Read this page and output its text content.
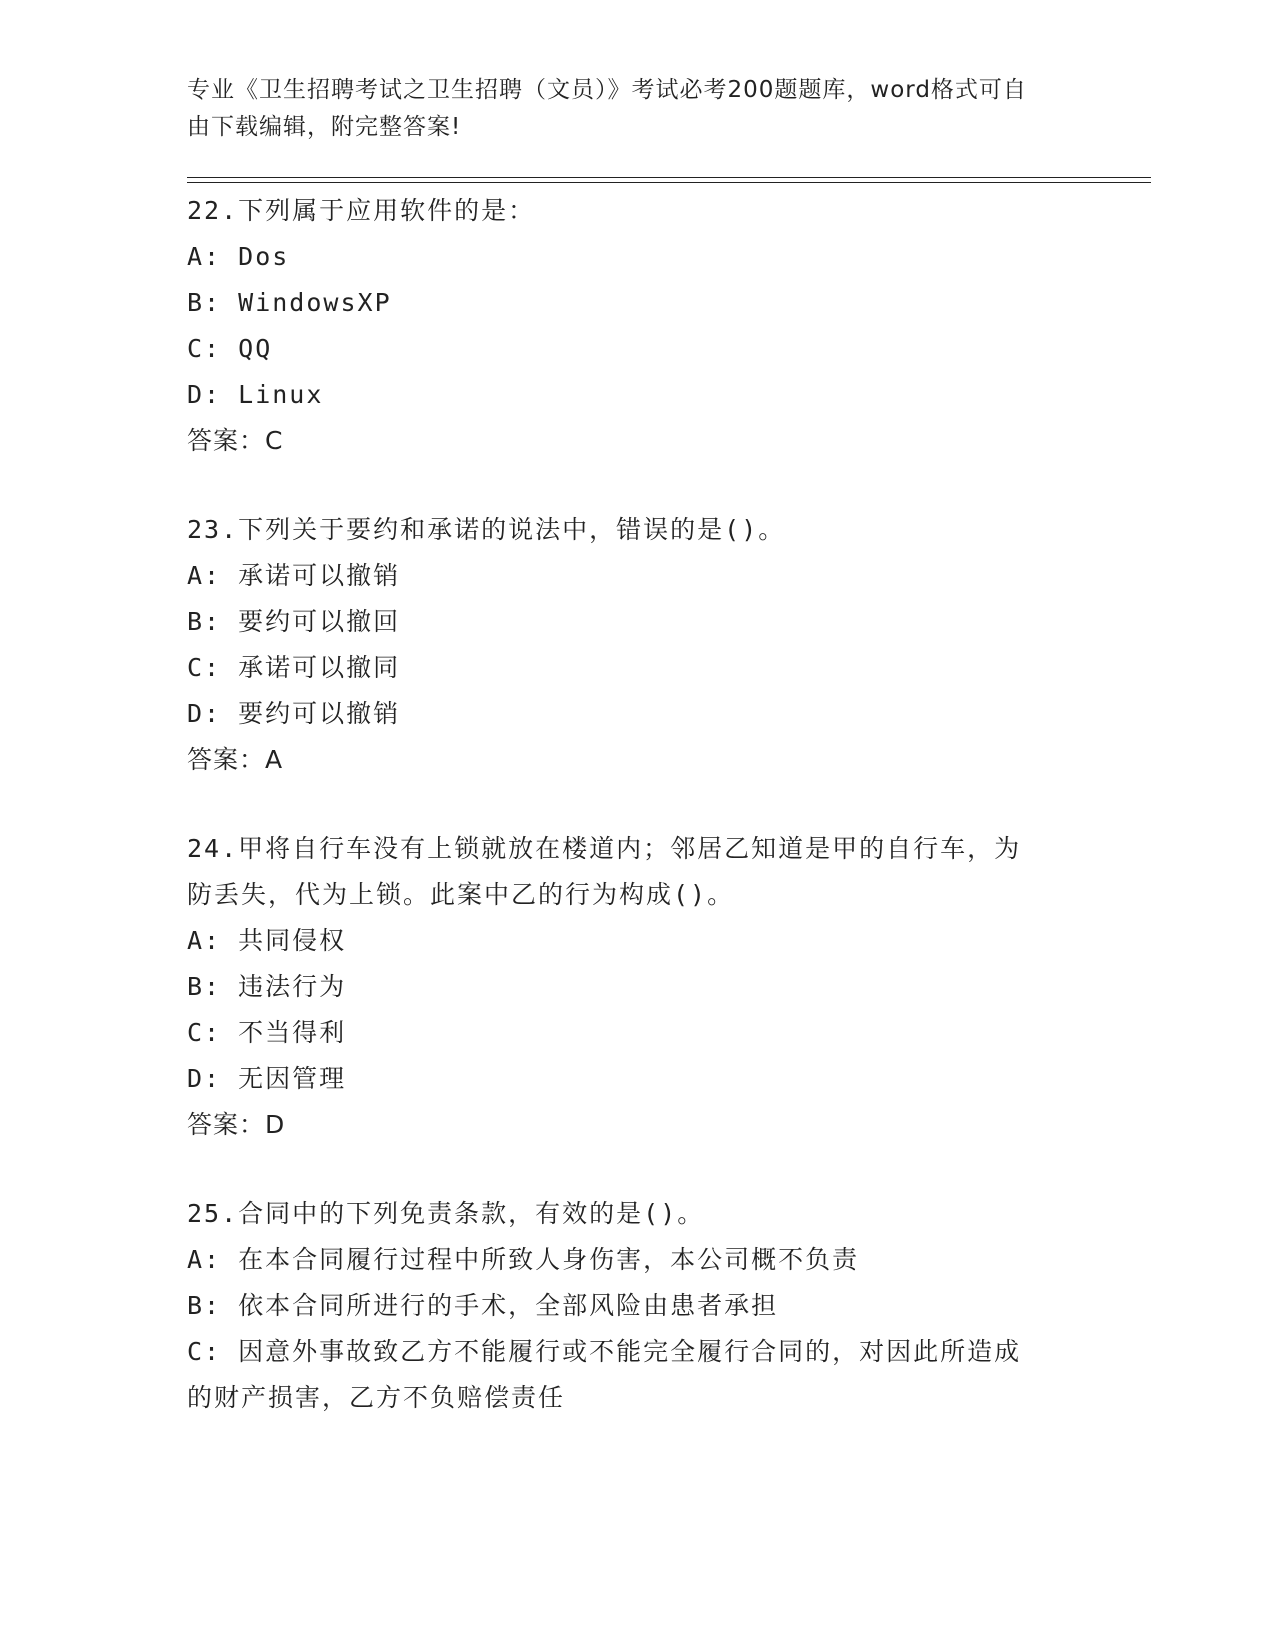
专业《卫生招聘考试之卫生招聘（文员）》考试必考200题题库，word格式可自
由下载编辑，附完整答案!
22.下列属于应用软件的是：
A: Dos
B: WindowsXP
C: QQ
D: Linux
答案：C
23.下列关于要约和承诺的说法中，错误的是()。
A: 承诺可以撤销
B: 要约可以撤回
C: 承诺可以撤同
D: 要约可以撤销
答案：A
24.甲将自行车没有上锁就放在楼道内；邻居乙知道是甲的自行车，为
防丢失，代为上锁。此案中乙的行为构成()。
A: 共同侵权
B: 违法行为
C: 不当得利
D: 无因管理
答案：D
25.合同中的下列免责条款，有效的是()。
A: 在本合同履行过程中所致人身伤害，本公司概不负责
B: 依本合同所进行的手术，全部风险由患者承担
C: 因意外事故致乙方不能履行或不能完全履行合同的，对因此所造成
的财产损害，乙方不负赔偿责任
